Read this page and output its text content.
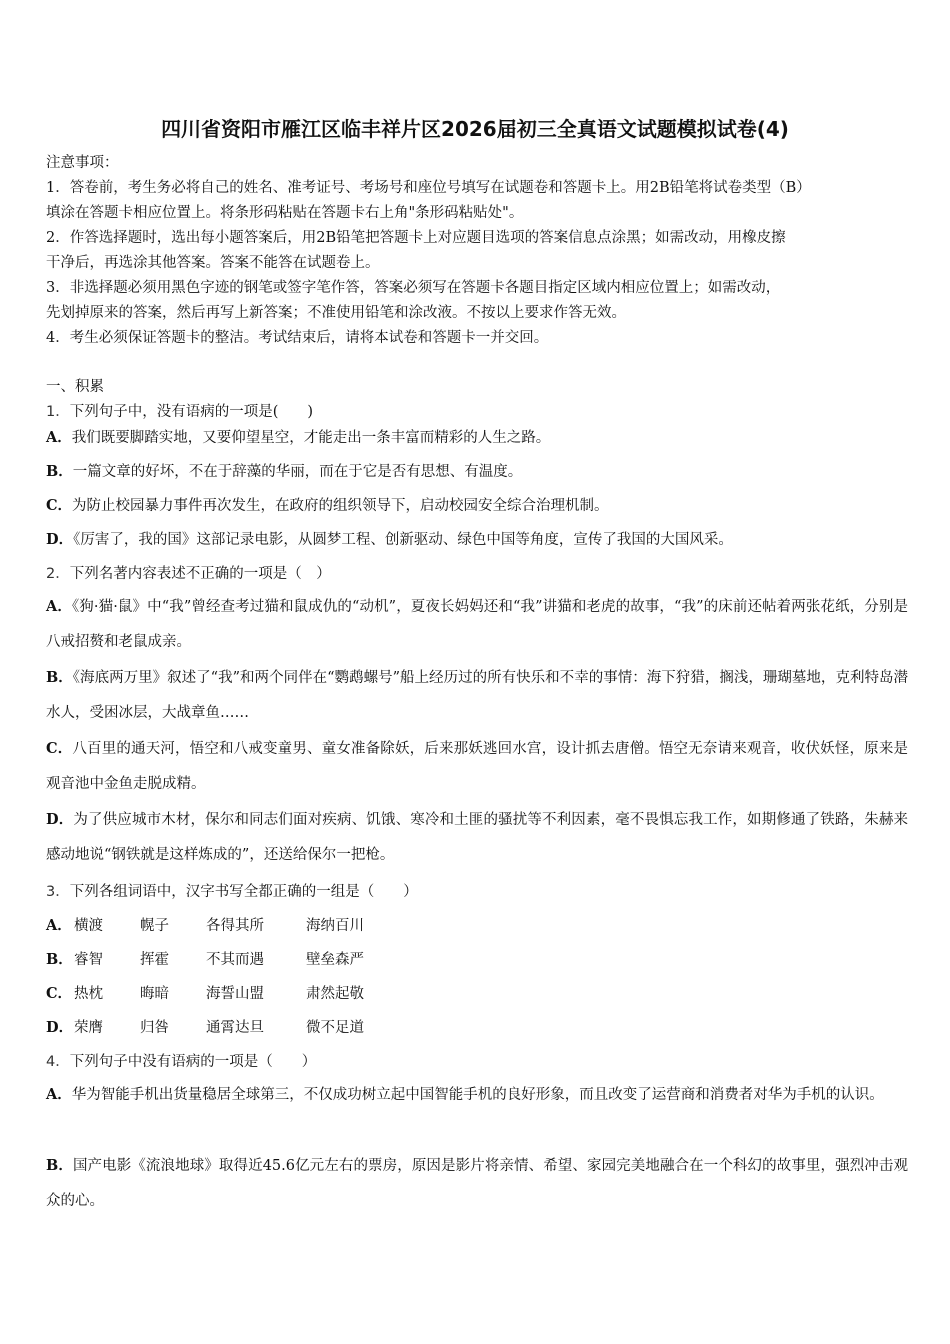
四川省资阳市雁江区临丰祥片区2026届初三全真语文试题模拟试卷(4)

注意事项：

1．答卷前，考生务必将自己的姓名、准考证号、考场号和座位号填写在试题卷和答题卡上。用2B铅笔将试卷类型（B）

填涂在答题卡相应位置上。将条形码粘贴在答题卡右上角"条形码粘贴处"。

2．作答选择题时，选出每小题答案后，用2B铅笔把答题卡上对应题目选项的答案信息点涂黑；如需改动，用橡皮擦

干净后，再选涂其他答案。答案不能答在试题卷上。

3．非选择题必须用黑色字迹的钢笔或签字笔作答，答案必须写在答题卡各题目指定区域内相应位置上；如需改动，

先划掉原来的答案，然后再写上新答案；不准使用铅笔和涂改液。不按以上要求作答无效。

4．考生必须保证答题卡的整洁。考试结束后，请将本试卷和答题卡一并交回。

一、积累
1．下列句子中，没有语病的一项是(　　)
A．我们既要脚踏实地，又要仰望星空，才能走出一条丰富而精彩的人生之路。
B．一篇文章的好坏，不在于辞藻的华丽，而在于它是否有思想、有温度。
C．为防止校园暴力事件再次发生，在政府的组织领导下，启动校园安全综合治理机制。
D．《厉害了，我的国》这部记录电影，从圆梦工程、创新驱动、绿色中国等角度，宣传了我国的大国风采。
2．下列名著内容表述不正确的一项是（　）
A．《狗·猫·鼠》中“我”曾经查考过猫和鼠成仇的“动机”，夏夜长妈妈还和“我”讲猫和老虎的故事，“我”的床前还帖着两张花纸，分别是八戒招赘和老鼠成亲。
B．《海底两万里》叙述了“我”和两个同伴在“鹦鹉螺号”船上经历过的所有快乐和不幸的事情：海下狩猎，搁浅，珊瑚墓地，克利特岛潜水人，受困冰层，大战章鱼……
C．八百里的通天河，悟空和八戒变童男、童女准备除妖，后来那妖逃回水宫，设计抓去唐僧。悟空无奈请来观音，收伏妖怪，原来是观音池中金鱼走脱成精。
D．为了供应城市木材，保尔和同志们面对疾病、饥饿、寒冷和土匪的骚扰等不利因素，毫不畏惧忘我工作，如期修通了铁路，朱赫来感动地说“钢铁就是这样炼成的”，还送给保尔一把枪。
3．下列各组词语中，汉字书写全都正确的一组是（　　）
A． 横渡	幌子	各得其所	海纳百川
B．睿智	挥霍	不其而遇	壁垒森严
C． 热枕	晦暗	海誓山盟	肃然起敬
D．荣膺	归咎	通霄达旦	微不足道
4．下列句子中没有语病的一项是（　　）
A．华为智能手机出货量稳居全球第三，不仅成功树立起中国智能手机的良好形象，而且改变了运营商和消费者对华为手机的认识。
B．国产电影《流浪地球》取得近45.6亿元左右的票房，原因是影片将亲情、希望、家园完美地融合在一个科幻的故事里，强烈冲击观众的心。
